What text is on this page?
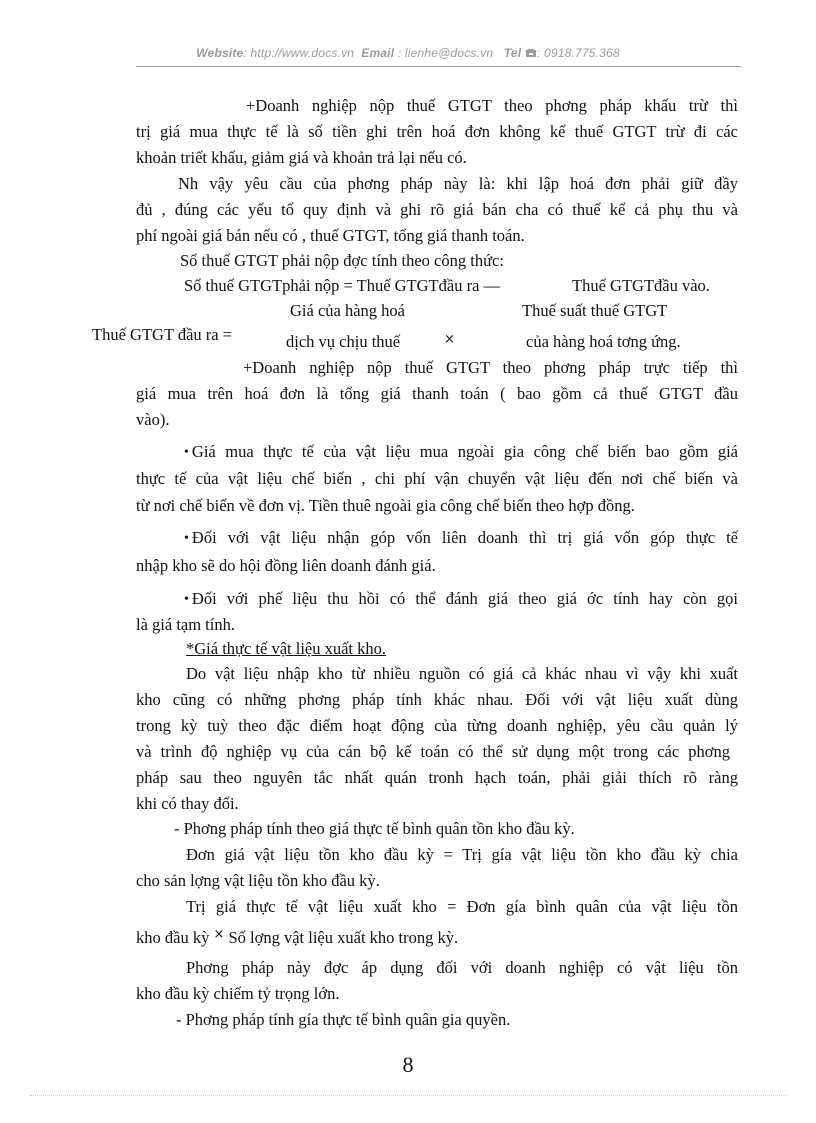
Website: http://www.docs.vn Email : lienhe@docs.vn Tel : 0918.775.368
+Doanh nghiệp nộp thuế GTGT theo phơng pháp khấu trừ thì
trị giá mua thực tế là số tiền ghi trên hoá đơn không kể thuế GTGT trừ đi các
khoản triết khấu, giảm giá và khoản trả lại nếu có.
Nh vậy yêu cầu của phơng pháp này là: khi lập hoá đơn phải giữ đầy
đủ , đúng các yếu tố quy định và ghi rõ giá bán cha có thuế kể cả phụ thu và
phí ngoài giá bán nếu có , thuế GTGT, tổng giá thanh toán.
Số thuế GTGT phải nộp đợc tính theo công thức:
Số thuế GTGTphải nộp = Thuế GTGTđầu ra —	Thuế GTGTđầu vào.
Giá của hàng hoá	Thuế suất thuế GTGT
Thuế GTGT đầu ra =	dịch vụ chịu thuế	×	của hàng hoá tơng ứng.
+Doanh nghiệp nộp thuế GTGT theo phơng pháp trực tiếp thì
giá mua trên hoá đơn là tổng giá thanh toán ( bao gồm cả thuế GTGT đầu
vào).
• Giá mua thực tế của vật liệu mua ngoài gia công chế biến bao gồm giá
thực tế của vật liệu chế biến , chi phí vận chuyển vật liệu đến nơi chế biến và
từ nơi chế biến về đơn vị. Tiền thuê ngoài gia công chế biến theo hợp đồng.
• Đối với vật liệu nhận góp vốn liên doanh thì trị giá vốn góp thực tế
nhập kho sẽ do hội đồng liên doanh đánh giá.
• Đối với phế liệu thu hồi có thể đánh giá theo giá ớc tính hay còn gọi
là giá tạm tính.
*Giá thực tế vật liệu xuất kho.
Do vật liệu nhập kho từ nhiều nguồn có giá cả khác nhau vì vậy khi xuất
kho cũng có những phơng pháp tính khác nhau. Đối với vật liệu xuất dùng
trong kỳ tuỳ theo đặc điểm hoạt động của từng doanh nghiệp, yêu cầu quản lý
và trình độ nghiệp vụ của cán bộ kế toán có thể sử dụng một trong các phơng
pháp sau theo nguyên tắc nhất quán tronh hạch toán, phải giải thích rõ ràng
khi có thay đổi.
- Phơng pháp tính theo giá thực tế bình quân tồn kho đầu kỳ.
Đơn giá vật liệu tồn kho đầu kỳ = Trị gía vật liệu tồn kho đầu kỳ chia
cho sản lợng vật liệu tồn kho đầu kỳ.
Trị giá thực tế vật liệu xuất kho = Đơn gía bình quân của vật liệu tồn
kho đầu kỳ × Số lợng vật liệu xuất kho trong kỳ.
Phơng pháp này đợc áp dụng đối với doanh nghiệp có vật liệu tồn
kho đầu kỳ chiếm tỷ trọng lớn.
- Phơng pháp tính gía thực tế bình quân gia quyền.
8
